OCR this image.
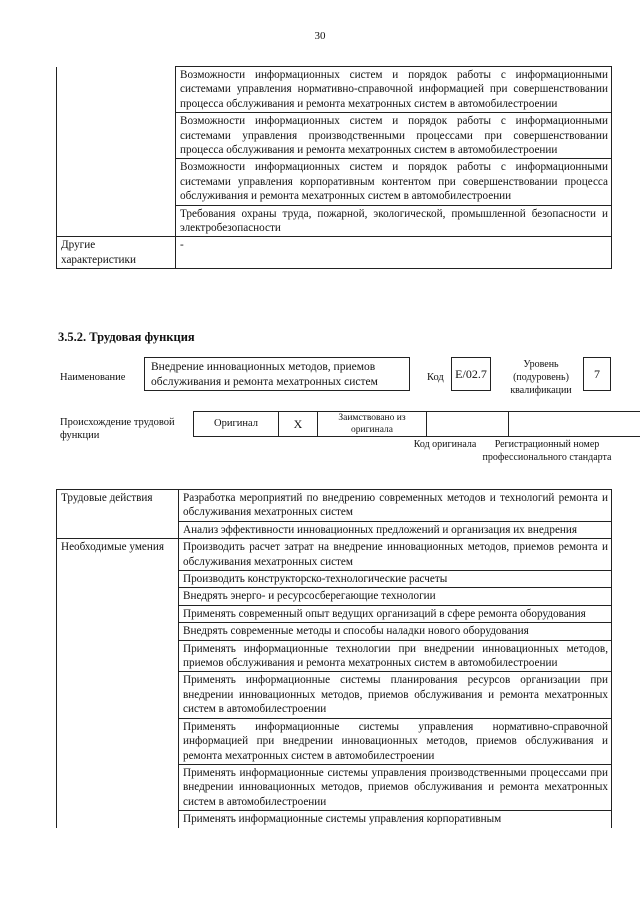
30
	Возможности информационных систем и порядок работы с информационными системами управления нормативно-справочной информацией при совершенствовании процесса обслуживания и ремонта мехатронных систем в автомобилестроении
	Возможности информационных систем и порядок работы с информационными системами управления производственными процессами при совершенствовании процесса обслуживания и ремонта мехатронных систем в автомобилестроении
	Возможности информационных систем и порядок работы с информационными системами управления корпоративным контентом при совершенствовании процесса обслуживания и ремонта мехатронных систем в автомобилестроении
	Требования охраны труда, пожарной, экологической, промышленной безопасности и электробезопасности
Другие характеристики	-
3.5.2. Трудовая функция
Наименование
Внедрение инновационных методов, приемов обслуживания и ремонта мехатронных систем	Код E/02.7
Уровень (подуровень) квалификации
7
Происхождение трудовой функции
Оригинал	X	Заимствовано из оригинала		
Код оригинала	Регистрационный номер профессионального стандарта
Трудовые действия	Разработка мероприятий по внедрению современных методов и технологий ремонта и обслуживания мехатронных систем
	Анализ эффективности инновационных предложений и организация их внедрения
Необходимые умения	Производить расчет затрат на внедрение инновационных методов, приемов ремонта и обслуживания мехатронных систем
	Производить конструкторско-технологические расчеты
	Внедрять энерго- и ресурсосберегающие технологии
	Применять современный опыт ведущих организаций в сфере ремонта оборудования
	Внедрять современные методы и способы наладки нового оборудования
	Применять информационные технологии при внедрении инновационных методов, приемов обслуживания и ремонта мехатронных систем в автомобилестроении
	Применять информационные системы планирования ресурсов организации при внедрении инновационных методов, приемов обслуживания и ремонта мехатронных систем в автомобилестроении
	Применять информационные системы управления нормативно-справочной информацией при внедрении инновационных методов, приемов обслуживания и ремонта мехатронных систем в автомобилестроении
	Применять информационные системы управления производственными процессами при внедрении инновационных методов, приемов обслуживания и ремонта мехатронных систем в автомобилестроении
	Применять информационные системы управления корпоративным
